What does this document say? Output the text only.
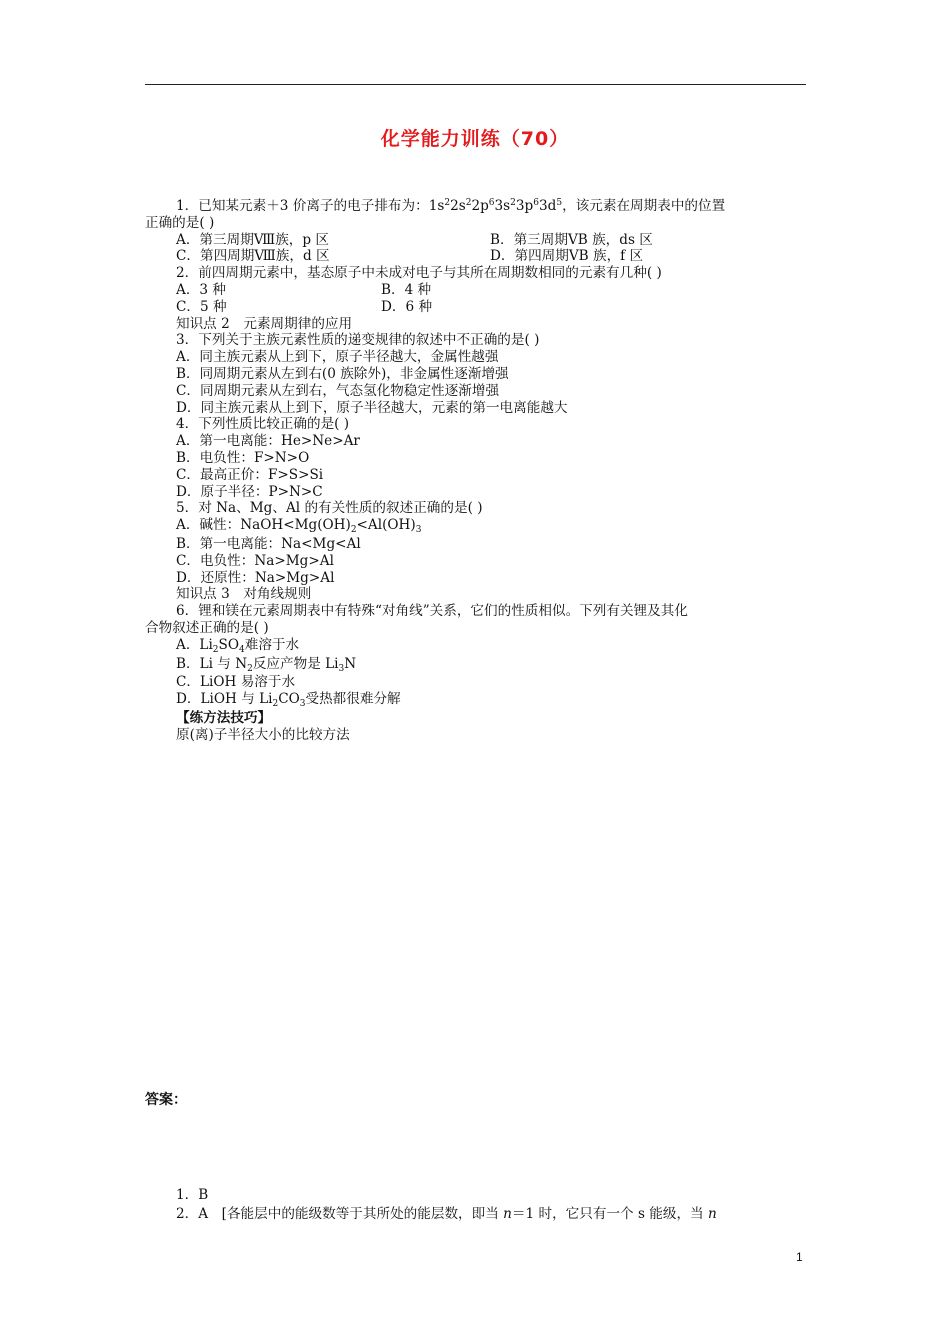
化学能力训练（70）
1．已知某元素＋3 价离子的电子排布为：$1s^22s^22p^63s^23p^63d^5$，该元素在周期表中的位置
正确的是( )
A．第三周期Ⅷ族，p 区	B．第三周期ⅤB 族，ds 区
C．第四周期Ⅷ族，d 区	D．第四周期ⅤB 族，f 区
2．前四周期元素中，基态原子中未成对电子与其所在周期数相同的元素有几种( )
A．3 种	B．4 种
C．5 种	D．6 种
知识点 2　元素周期律的应用
3．下列关于主族元素性质的递变规律的叙述中不正确的是( )
A．同主族元素从上到下，原子半径越大，金属性越强
B．同周期元素从左到右(0 族除外)，非金属性逐渐增强
C．同周期元素从左到右，气态氢化物稳定性逐渐增强
D．同主族元素从上到下，原子半径越大，元素的第一电离能越大
4．下列性质比较正确的是( )
A．第一电离能：He>Ne>Ar
B．电负性：F>N>O
C．最高正价：F>S>Si
D．原子半径：P>N>C
5．对 Na、Mg、Al 的有关性质的叙述正确的是( )
A．碱性：$NaOH<Mg(OH)_2<Al(OH)_3$
B．第一电离能：Na<Mg<Al
C．电负性：Na>Mg>Al
D．还原性：Na>Mg>Al
知识点 3　对角线规则
6．锂和镁在元素周期表中有特殊“对角线”关系，它们的性质相似。下列有关锂及其化
合物叙述正确的是( )
A．$Li_2SO_4$难溶于水
B．Li 与 $N_2$反应产物是 $Li_3N$
C．LiOH 易溶于水
D．LiOH 与 $Li_2CO_3$受热都很难分解
【练方法技巧】
原(离)子半径大小的比较方法
答案：
1．B
2．A　[各能层中的能级数等于其所处的能层数，即当 n＝1 时，它只有一个 s 能级，当 n
1
